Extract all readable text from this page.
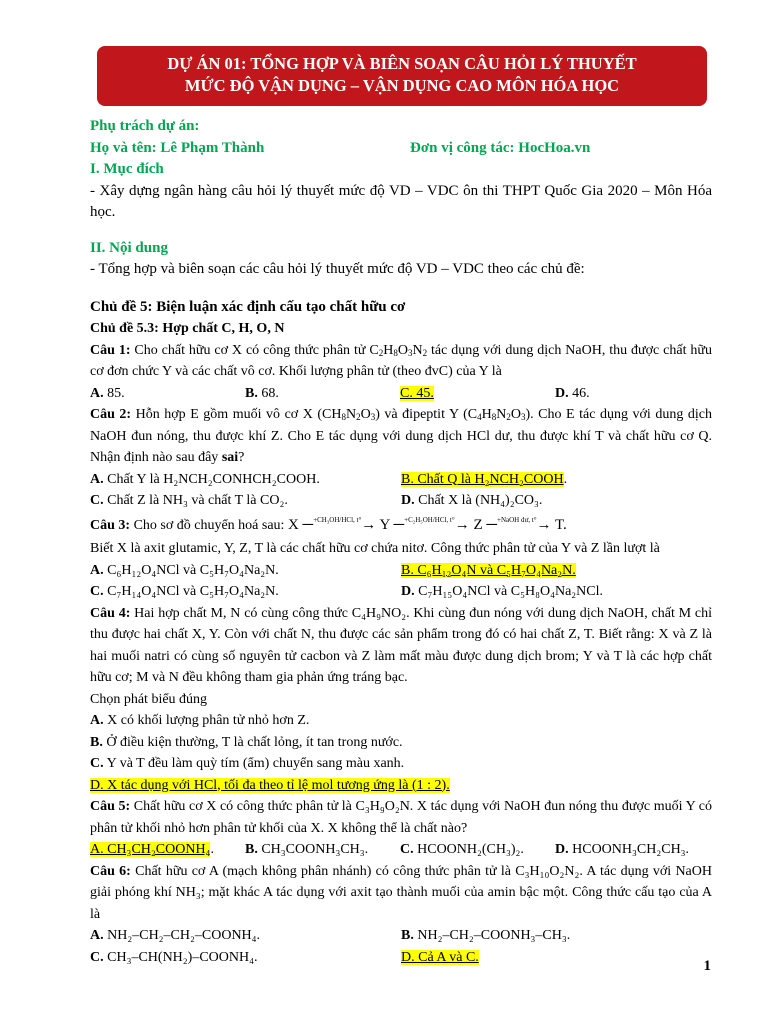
DỰ ÁN 01: TỔNG HỢP VÀ BIÊN SOẠN CÂU HỎI LÝ THUYẾT
MỨC ĐỘ VẬN DỤNG – VẬN DỤNG CAO MÔN HÓA HỌC
Phụ trách dự án:
Họ và tên: Lê Phạm Thành	Đơn vị công tác: HocHoa.vn
I. Mục đích
- Xây dựng ngân hàng câu hỏi lý thuyết mức độ VD – VDC ôn thi THPT Quốc Gia 2020 – Môn Hóa học.
II. Nội dung
- Tổng hợp và biên soạn các câu hỏi lý thuyết mức độ VD – VDC theo các chủ đề:
Chủ đề 5: Biện luận xác định cấu tạo chất hữu cơ
Chủ đề 5.3: Hợp chất C, H, O, N
Câu 1: Cho chất hữu cơ X có công thức phân tử $C_2H_8O_3N_2$ tác dụng với dung dịch NaOH, thu được chất hữu cơ đơn chức Y và các chất vô cơ. Khối lượng phân tử (theo đvC) của Y là
A. 85.	B. 68.	C. 45.	D. 46.
Câu 2: Hỗn hợp E gồm muối vô cơ X $(CH_8N_2O_3)$ và đipeptit Y $(C_4H_8N_2O_3)$. Cho E tác dụng với dung dịch NaOH đun nóng, thu được khí Z. Cho E tác dụng với dung dịch HCl dư, thu được khí T và chất hữu cơ Q. Nhận định nào sau đây sai?
A. Chất Y là H₂NCH₂CONHCH₂COOH.	B. Chất Q là H₂NCH₂COOH.
C. Chất Z là NH₃ và chất T là CO₂.	D. Chất X là (NH₄)₂CO₃.
Câu 3: Cho sơ đồ chuyển hoá sau: X ─$^{+CH_3OH/HCl, t^\circ}$→ Y ─$^{+C_2H_5OH/HCl, t^\circ}$→ Z ─$^{+NaOH dư, t^\circ}$→ T.
Biết X là axit glutamic, Y, Z, T là các chất hữu cơ chứa nitơ. Công thức phân tử của Y và Z lần lượt là
A. C₆H₁₂O₄NCl và C₅H₇O₄Na₂N.	B. C₆H₁₂O₄N và C₅H₇O₄Na₂N.
C. C₇H₁₄O₄NCl và C₅H₇O₄Na₂N.	D. C₇H₁₅O₄NCl và C₅H₈O₄Na₂NCl.
Câu 4: Hai hợp chất M, N có cùng công thức C₄H₉NO₂. Khi cùng đun nóng với dung dịch NaOH, chất M chỉ thu được hai chất X, Y. Còn với chất N, thu được các sản phẩm trong đó có hai chất Z, T. Biết rằng: X và Z là hai muối natri có cùng số nguyên tử cacbon và Z làm mất màu được dung dịch brom; Y và T là các hợp chất hữu cơ; M và N đều không tham gia phản ứng tráng bạc.
Chọn phát biểu đúng
A. X có khối lượng phân tử nhỏ hơn Z.
B. Ở điều kiện thường, T là chất lỏng, ít tan trong nước.
C. Y và T đều làm quỳ tím (ẩm) chuyển sang màu xanh.
D. X tác dụng với HCl, tối đa theo tỉ lệ mol tương ứng là (1 : 2).
Câu 5: Chất hữu cơ X có công thức phân tử là C₃H₉O₂N. X tác dụng với NaOH đun nóng thu được muối Y có phân tử khối nhỏ hơn phân tử khối của X. X không thể là chất nào?
A. CH₃CH₂COONH₄.	B. CH₃COONH₃CH₃.	C. HCOONH₂(CH₃)₂.	D. HCOONH₃CH₂CH₃.
Câu 6: Chất hữu cơ A (mạch không phân nhánh) có công thức phân tử là C₃H₁₀O₂N₂. A tác dụng với NaOH giải phóng khí NH₃; mặt khác A tác dụng với axit tạo thành muối của amin bậc một. Công thức cấu tạo của A là
A. NH₂–CH₂–CH₂–COONH₄.	B. NH₂–CH₂–COONH₃–CH₃.
C. CH₃–CH(NH₂)–COONH₄.	D. Cả A và C.
1
